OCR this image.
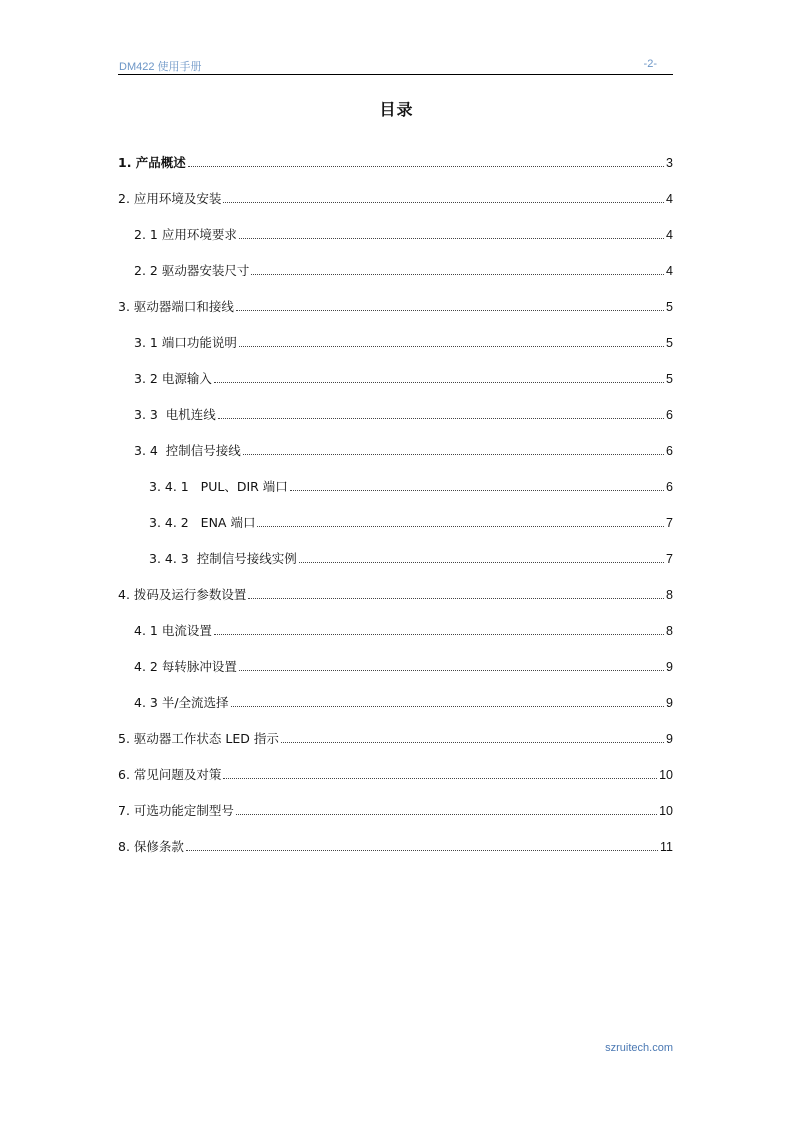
DM422 使用手册	-2-
目录
1. 产品概述	3
2. 应用环境及安装	4
2. 1 应用环境要求	4
2. 2 驱动器安装尺寸	4
3. 驱动器端口和接线	5
3. 1 端口功能说明	5
3. 2 电源输入	5
3. 3  电机连线	6
3. 4  控制信号接线	6
3. 4. 1   PUL、DIR 端口	6
3. 4. 2   ENA 端口	7
3. 4. 3  控制信号接线实例	7
4. 拨码及运行参数设置	8
4. 1 电流设置	8
4. 2 每转脉冲设置	9
4. 3 半/全流选择	9
5. 驱动器工作状态 LED 指示	9
6. 常见问题及对策	10
7. 可选功能定制型号	10
8. 保修条款	11
szruitech.com
